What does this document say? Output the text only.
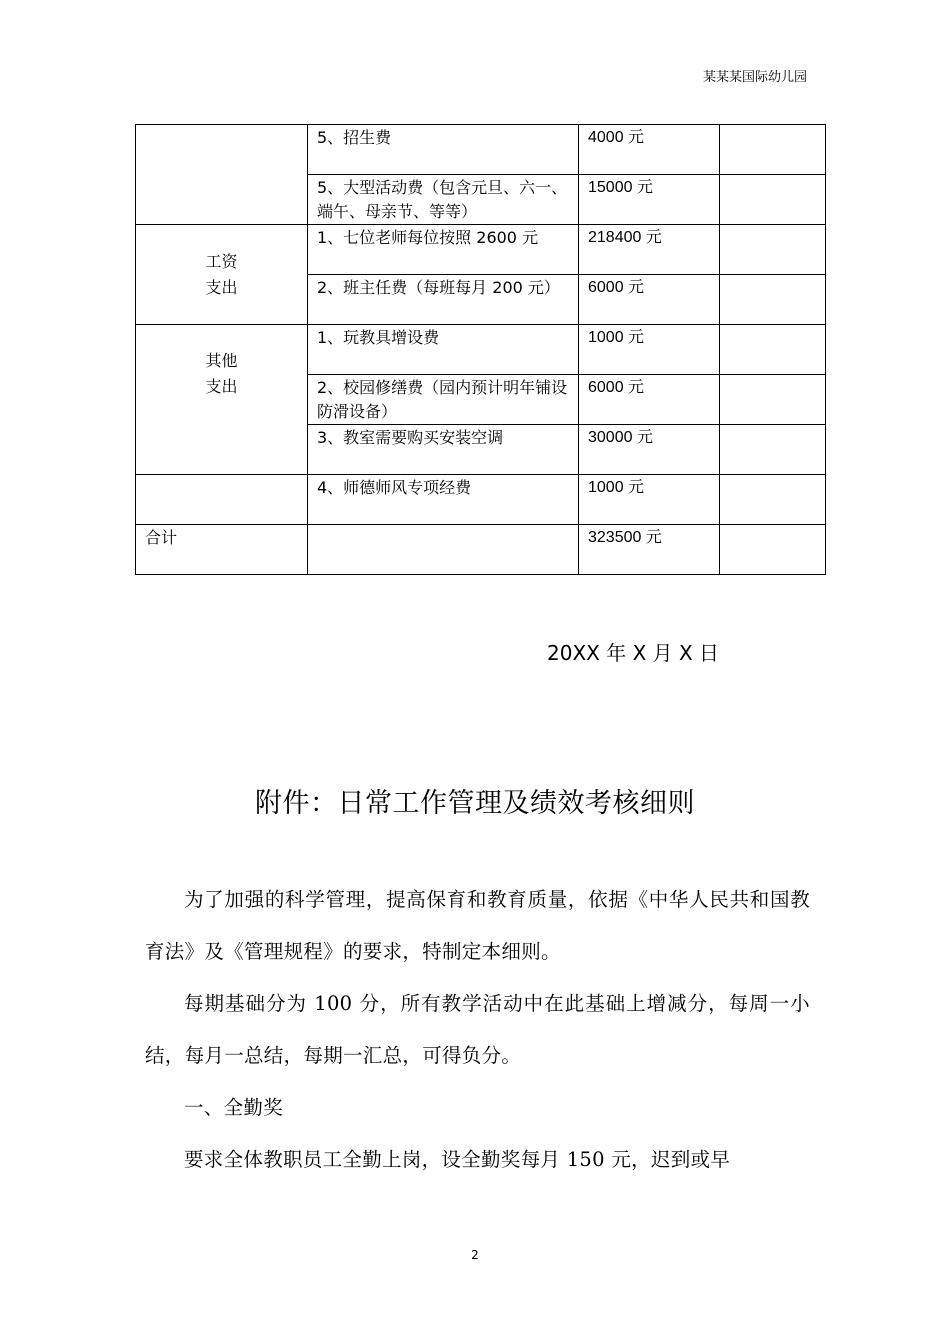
某某某国际幼儿园
	5、招生费	4000 元	
	5、大型活动费（包含元旦、六一、端午、母亲节、等等）	15000 元	

工资
支出	1、七位老师每位按照 2600 元	218400 元	
	2、班主任费（每班每月 200 元）	6000 元	

其他
支出	1、玩教具增设费	1000 元	
	2、校园修缮费（园内预计明年铺设防滑设备）	6000 元	
	3、教室需要购买安装空调	30000 元	
	4、师德师风专项经费	1000 元	
合计		323500 元	
20XX 年 X 月 X 日
附件：日常工作管理及绩效考核细则
为了加强的科学管理，提高保育和教育质量，依据《中华人民共和国教育法》及《管理规程》的要求，特制定本细则。
每期基础分为 100 分，所有教学活动中在此基础上增减分，每周一小结，每月一总结，每期一汇总，可得负分。
一、全勤奖
要求全体教职员工全勤上岗，设全勤奖每月 150 元，迟到或早
2
